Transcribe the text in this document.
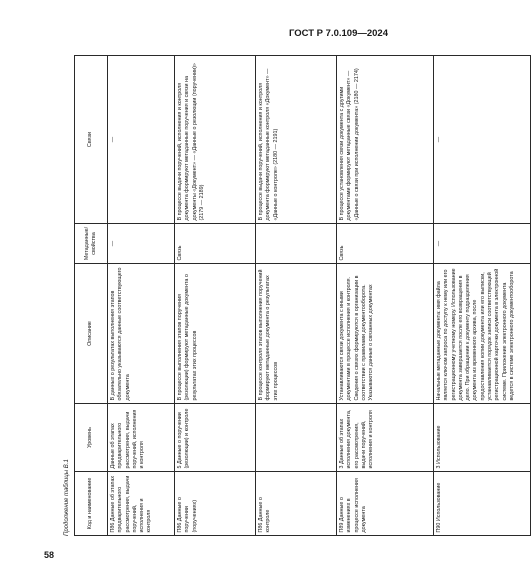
ГОСТ Р 7.0.109—2024
Продолжение таблицы В.1	Код и наименование	Уровень	Описание	Метаданные/свойства	Связи
П86 Данные об этапах предварительного рассмотрения, выдачи поручений, исполнения и контроля	Данные об этапах предварительного рассмотрения, выдачи поручений, исполнения и контроля	В данных о результатах выполнения этапов обязательно указываются данные соответствующего документа	—	—
П86 Данные о поручении (поручениях)	5 Данные о поручении (резолюции) и контроле	В процессе выполнения этапов поручения (резолюции) формируют метаданные документа о результатах этих процессов	Связь	В процессе выдачи поручений, исполнения и контроля документа формируют метаданные поручения и связи на документы «Документ» — «Данные о резолюции (поручении)» (2179 — 2189)
П86 Данные о контроле		В процессе контроля этапов выполнения поручений формируют метаданные документа о результатах этих процессов		В процессе выдачи поручений, исполнения и контроля документа формируют метаданные контроля «Документ» — «Данные о контроле» (2180 — 2191)
П89 Данные о изменениях в процессе исполнения документа	3 Данные об этапах исполнения документа, его рассмотрения, выдачи поручений, исполнения и контроля	Устанавливаются связи документа с иными документами в процессе исполнения и контроля. Сведения о связях формируются в организации в соответствии с правилами документооборота. Указываются данные о связанных документах	Связь	В процессе установления связи документа с другими документами формируют метаданные связи «Документ» — «Данные о связи при исполнении документа» (2180 — 2174)
П90 Использование	3 Использование	Начальные метаданные документа: имя файла является ключом запроса по доступу к нему или его регистрационному учетному номеру. Использование документа завершается после его возвращения в дело. При обращении к документу подразделения документа из временного архива, после предоставления копии документа или его выписки, устанавливается порядок записи соответствующей регистрационной карточки документа в электронной системе. Приложение электронного документа ведется в системе электронного документооборота	—	—
58
